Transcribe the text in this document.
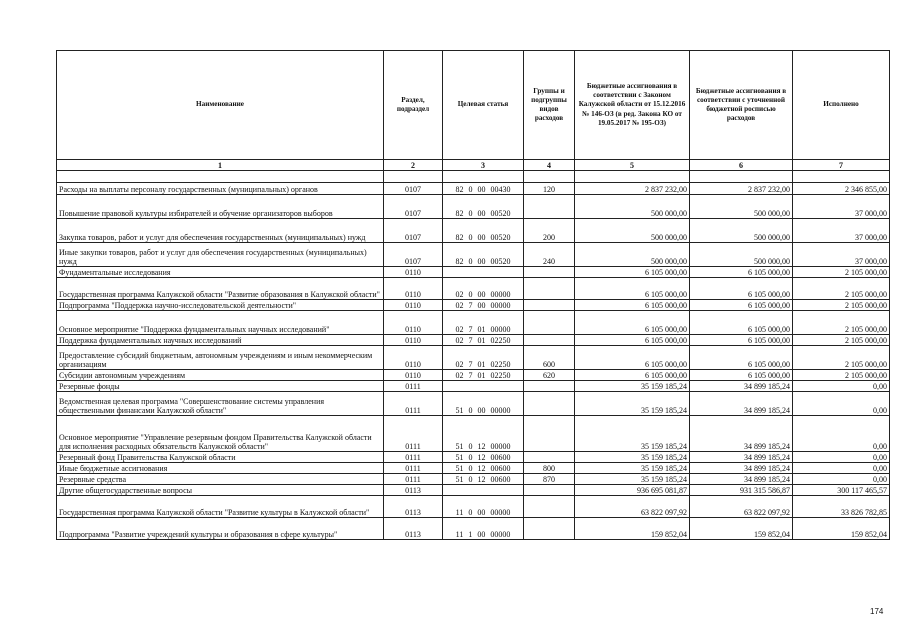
Наименование	Раздел, подраздел	Целевая статья	Группы и подгруппы видов расходов	Бюджетные ассигнования в соответствии с Законом Калужской области от 15.12.2016 № 146-ОЗ (в ред. Закона КО от 19.05.2017 № 195-ОЗ)	Бюджетные ассигнования в соответствии с уточненной бюджетной росписью расходов	Исполнено
1	2	3	4	5	6	7

Расходы на выплаты персоналу государственных (муниципальных) органов	0107	82 0 00 00430	120	2 837 232,00	2 837 232,00	2 346 855,00
Повышение правовой культуры избирателей и обучение организаторов выборов	0107	82 0 00 00520		500 000,00	500 000,00	37 000,00
Закупка товаров, работ и услуг для обеспечения государственных (муниципальных) нужд	0107	82 0 00 00520	200	500 000,00	500 000,00	37 000,00
Иные закупки товаров, работ и услуг для обеспечения государственных (муниципальных) нужд	0107	82 0 00 00520	240	500 000,00	500 000,00	37 000,00
Фундаментальные исследования	0110			6 105 000,00	6 105 000,00	2 105 000,00
Государственная программа Калужской области "Развитие образования в Калужской области"	0110	02 0 00 00000		6 105 000,00	6 105 000,00	2 105 000,00
Подпрограмма "Поддержка научно-исследовательской деятельности"	0110	02 7 00 00000		6 105 000,00	6 105 000,00	2 105 000,00
Основное мероприятие "Поддержка фундаментальных научных исследований"	0110	02 7 01 00000		6 105 000,00	6 105 000,00	2 105 000,00
Поддержка фундаментальных научных исследований	0110	02 7 01 02250		6 105 000,00	6 105 000,00	2 105 000,00
Предоставление субсидий бюджетным, автономным учреждениям и иным некоммерческим организациям	0110	02 7 01 02250	600	6 105 000,00	6 105 000,00	2 105 000,00
Субсидии автономным учреждениям	0110	02 7 01 02250	620	6 105 000,00	6 105 000,00	2 105 000,00
Резервные фонды	0111			35 159 185,24	34 899 185,24	0,00
Ведомственная целевая программа "Совершенствование системы управления общественными финансами Калужской области"	0111	51 0 00 00000		35 159 185,24	34 899 185,24	0,00
Основное мероприятие "Управление резервным фондом Правительства Калужской области для исполнения расходных обязательств Калужской области"	0111	51 0 12 00000		35 159 185,24	34 899 185,24	0,00
Резервный фонд Правительства Калужской области	0111	51 0 12 00600		35 159 185,24	34 899 185,24	0,00
Иные бюджетные ассигнования	0111	51 0 12 00600	800	35 159 185,24	34 899 185,24	0,00
Резервные средства	0111	51 0 12 00600	870	35 159 185,24	34 899 185,24	0,00
Другие общегосударственные вопросы	0113			936 695 081,87	931 315 586,87	300 117 465,57
Государственная программа Калужской области "Развитие культуры в Калужской области"	0113	11 0 00 00000		63 822 097,92	63 822 097,92	33 826 782,85
Подпрограмма "Развитие учреждений культуры и образования в сфере культуры"	0113	11 1 00 00000		159 852,04	159 852,04	159 852,04
174
